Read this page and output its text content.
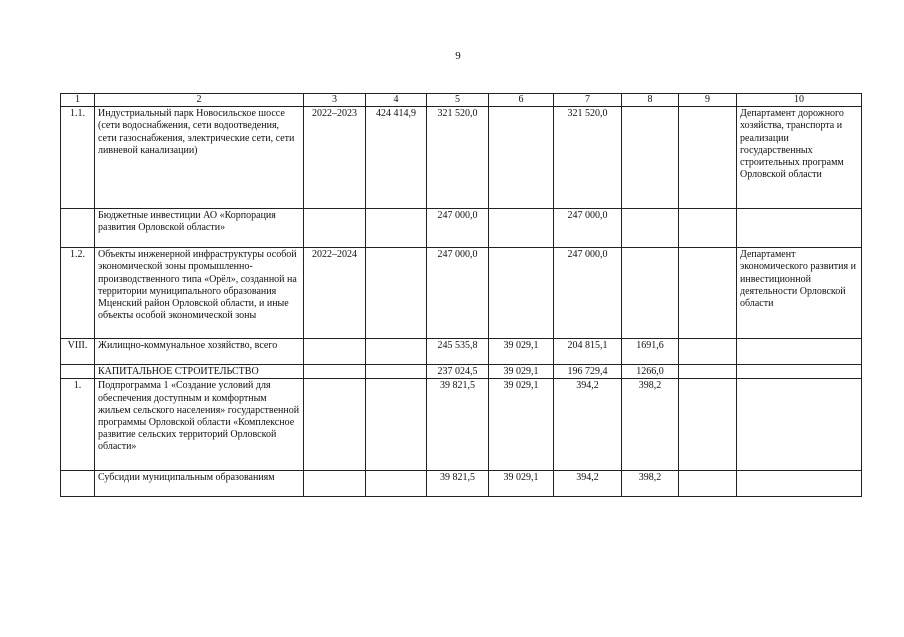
9
1	2	3	4	5	6	7	8	9	10
1.1.	Индустриальный парк Новосильское шоссе (сети водоснабжения, сети водоотведения, сети газоснабжения, электрические сети, сети ливневой канализации)	2022–2023	424 414,9	321 520,0		321 520,0			Департамент дорожного хозяйства, транспорта и реализации государственных строительных программ Орловской области
	Бюджетные инвестиции АО «Корпорация развития Орловской области»			247 000,0		247 000,0			
1.2.	Объекты инженерной инфраструктуры особой экономической зоны промышленно-производственного типа «Орёл», созданной на территории муниципального образования Мценский район Орловской области, и иные объекты особой экономической зоны	2022–2024		247 000,0		247 000,0			Департамент экономического развития и инвестиционной деятельности Орловской области
VIII.	Жилищно-коммунальное хозяйство, всего			245 535,8	39 029,1	204 815,1	1691,6		
	КАПИТАЛЬНОЕ СТРОИТЕЛЬСТВО			237 024,5	39 029,1	196 729,4	1266,0		
1.	Подпрограмма 1 «Создание условий для обеспечения доступным и комфортным жильем сельского населения» государственной программы Орловской области «Комплексное развитие сельских территорий Орловской области»			39 821,5	39 029,1	394,2	398,2		
	Субсидии муниципальным образованиям			39 821,5	39 029,1	394,2	398,2		
